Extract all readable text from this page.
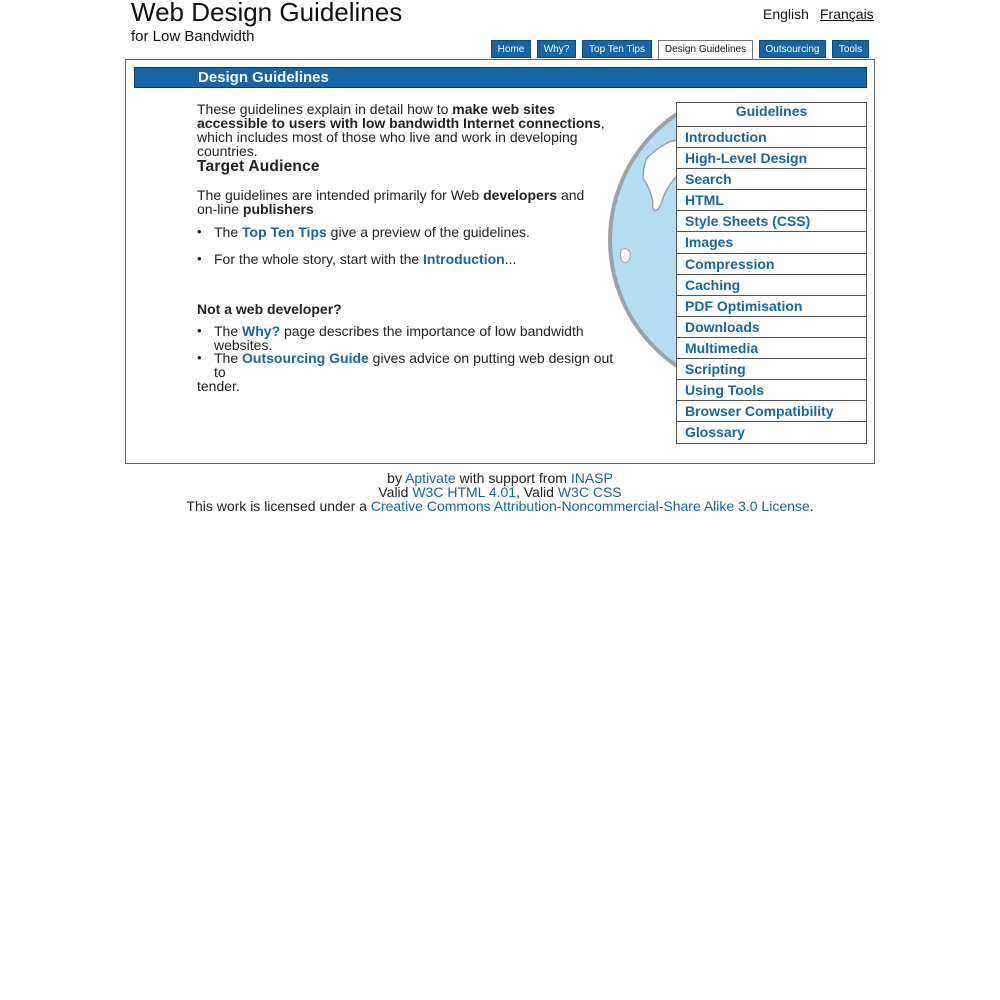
Web Design Guidelines
for Low Bandwidth
English Français
Home	Why?	Top Ten Tips	Design Guidelines	Outsourcing	Tools
Design Guidelines

These guidelines explain in detail how to make web sites accessible to users with low bandwidth Internet connections, which includes most of those who live and work in developing countries.

Target Audience

The guidelines are intended primarily for Web developers and on-line publishers

• The Top Ten Tips give a preview of the guidelines.
• For the whole story, start with the Introduction...
Not a web developer?
• The Why? page describes the importance of low bandwidth websites.
• The Outsourcing Guide gives advice on putting web design out to
tender.
Guidelines
Introduction
High-Level Design
Search
HTML
Style Sheets (CSS)
Images
Compression
Caching
PDF Optimisation
Downloads
Multimedia
Scripting
Using Tools
Browser Compatibility
Glossary
by Aptivate with support from INASP
Valid W3C HTML 4.01, Valid W3C CSS
This work is licensed under a Creative Commons Attribution-Noncommercial-Share Alike 3.0 License.
